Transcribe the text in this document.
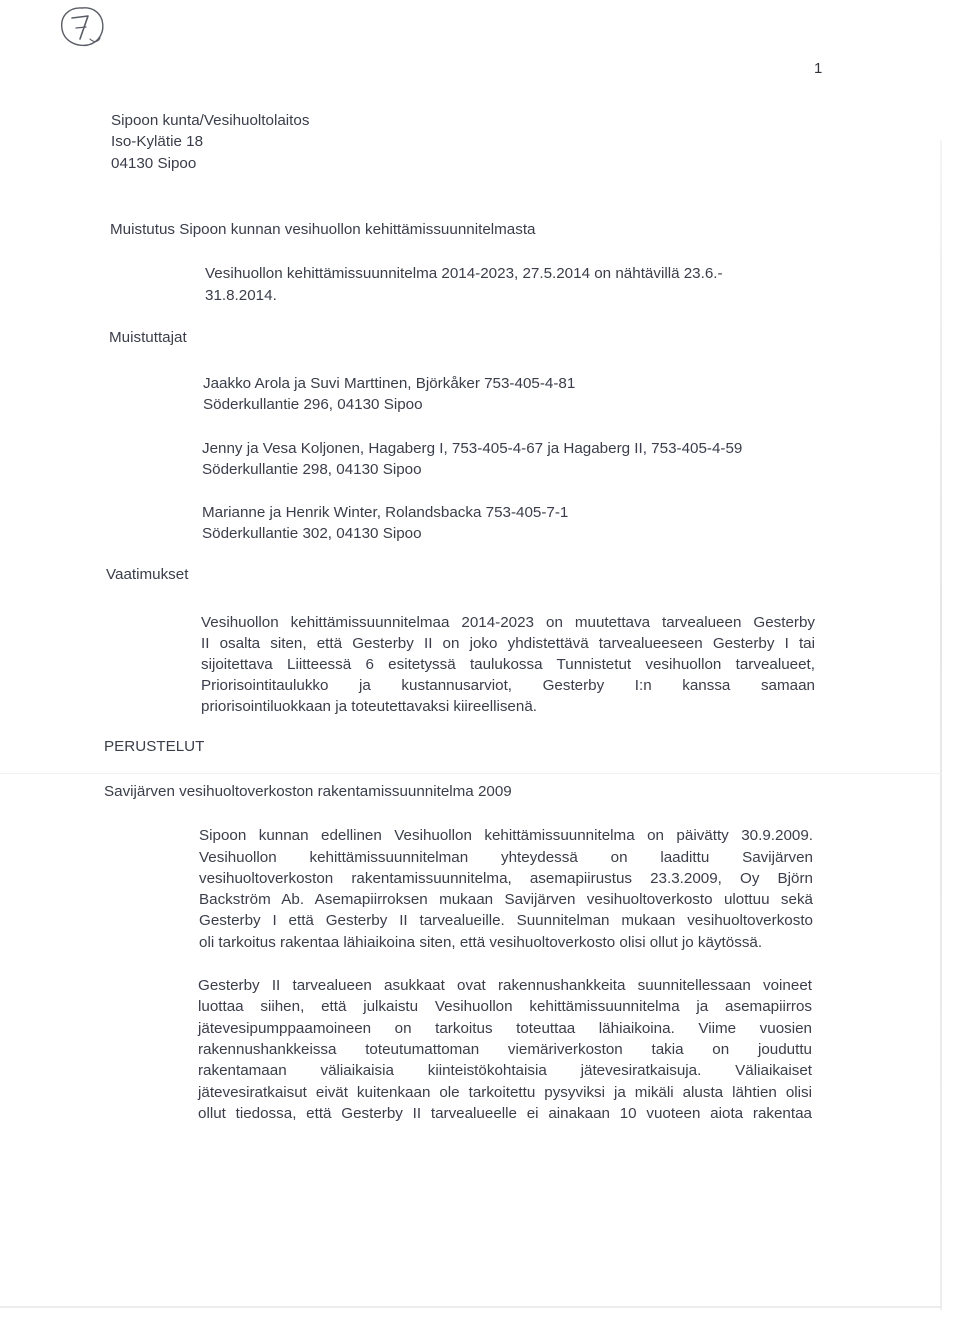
1
Sipoon kunta/Vesihuoltolaitos
Iso-Kylätie 18
04130 Sipoo
Muistutus Sipoon kunnan vesihuollon kehittämissuunnitelmasta
Vesihuollon kehittämissuunnitelma 2014-2023, 27.5.2014 on nähtävillä 23.6.-
31.8.2014.
Muistuttajat
Vaatimukset
PERUSTELUT
Jaakko Arola ja Suvi Marttinen, Björkåker 753-405-4-81
Söderkullantie 296, 04130 Sipoo
Jenny ja Vesa Koljonen, Hagaberg I, 753-405-4-67 ja Hagaberg II, 753-405-4-59
Söderkullantie 298, 04130 Sipoo
Marianne ja Henrik Winter, Rolandsbacka 753-405-7-1
Söderkullantie 302, 04130 Sipoo
Vesihuollon kehittämissuunnitelmaa 2014-2023 on muutettava tarvealueen Gesterby
II osalta siten, että Gesterby II on joko yhdistettävä tarvealueeseen Gesterby I tai
sijoitettava Liitteessä 6 esitetyssä taulukossa Tunnistetut vesihuollon tarvealueet,
Priorisointitaulukko ja kustannusarviot, Gesterby I:n kanssa samaan
priorisointiluokkaan ja toteutettavaksi kiireellisenä.
Savijärven vesihuoltoverkoston rakentamissuunnitelma 2009
Sipoon kunnan edellinen Vesihuollon kehittämissuunnitelma on päivätty 30.9.2009.
Vesihuollon kehittämissuunnitelman yhteydessä on laadittu Savijärven
vesihuoltoverkoston rakentamissuunnitelma, asemapiirustus 23.3.2009, Oy Björn
Backström Ab. Asemapiirroksen mukaan Savijärven vesihuoltoverkosto ulottuu sekä
Gesterby I että Gesterby II tarvealueille. Suunnitelman mukaan vesihuoltoverkosto
oli tarkoitus rakentaa lähiaikoina siten, että vesihuoltoverkosto olisi ollut jo käytössä.
Gesterby II tarvealueen asukkaat ovat rakennushankkeita suunnitellessaan voineet
luottaa siihen, että julkaistu Vesihuollon kehittämissuunnitelma ja asemapiirros
jätevesipumppaamoineen on tarkoitus toteuttaa lähiaikoina. Viime vuosien
rakennushankkeissa toteutumattoman viemäriverkoston takia on jouduttu
rakentamaan väliaikaisia kiinteistökohtaisia jätevesiratkaisuja. Väliaikaiset
jätevesiratkaisut eivät kuitenkaan ole tarkoitettu pysyviksi ja mikäli alusta lähtien olisi
ollut tiedossa, että Gesterby II tarvealueelle ei ainakaan 10 vuoteen aiota rakentaa
